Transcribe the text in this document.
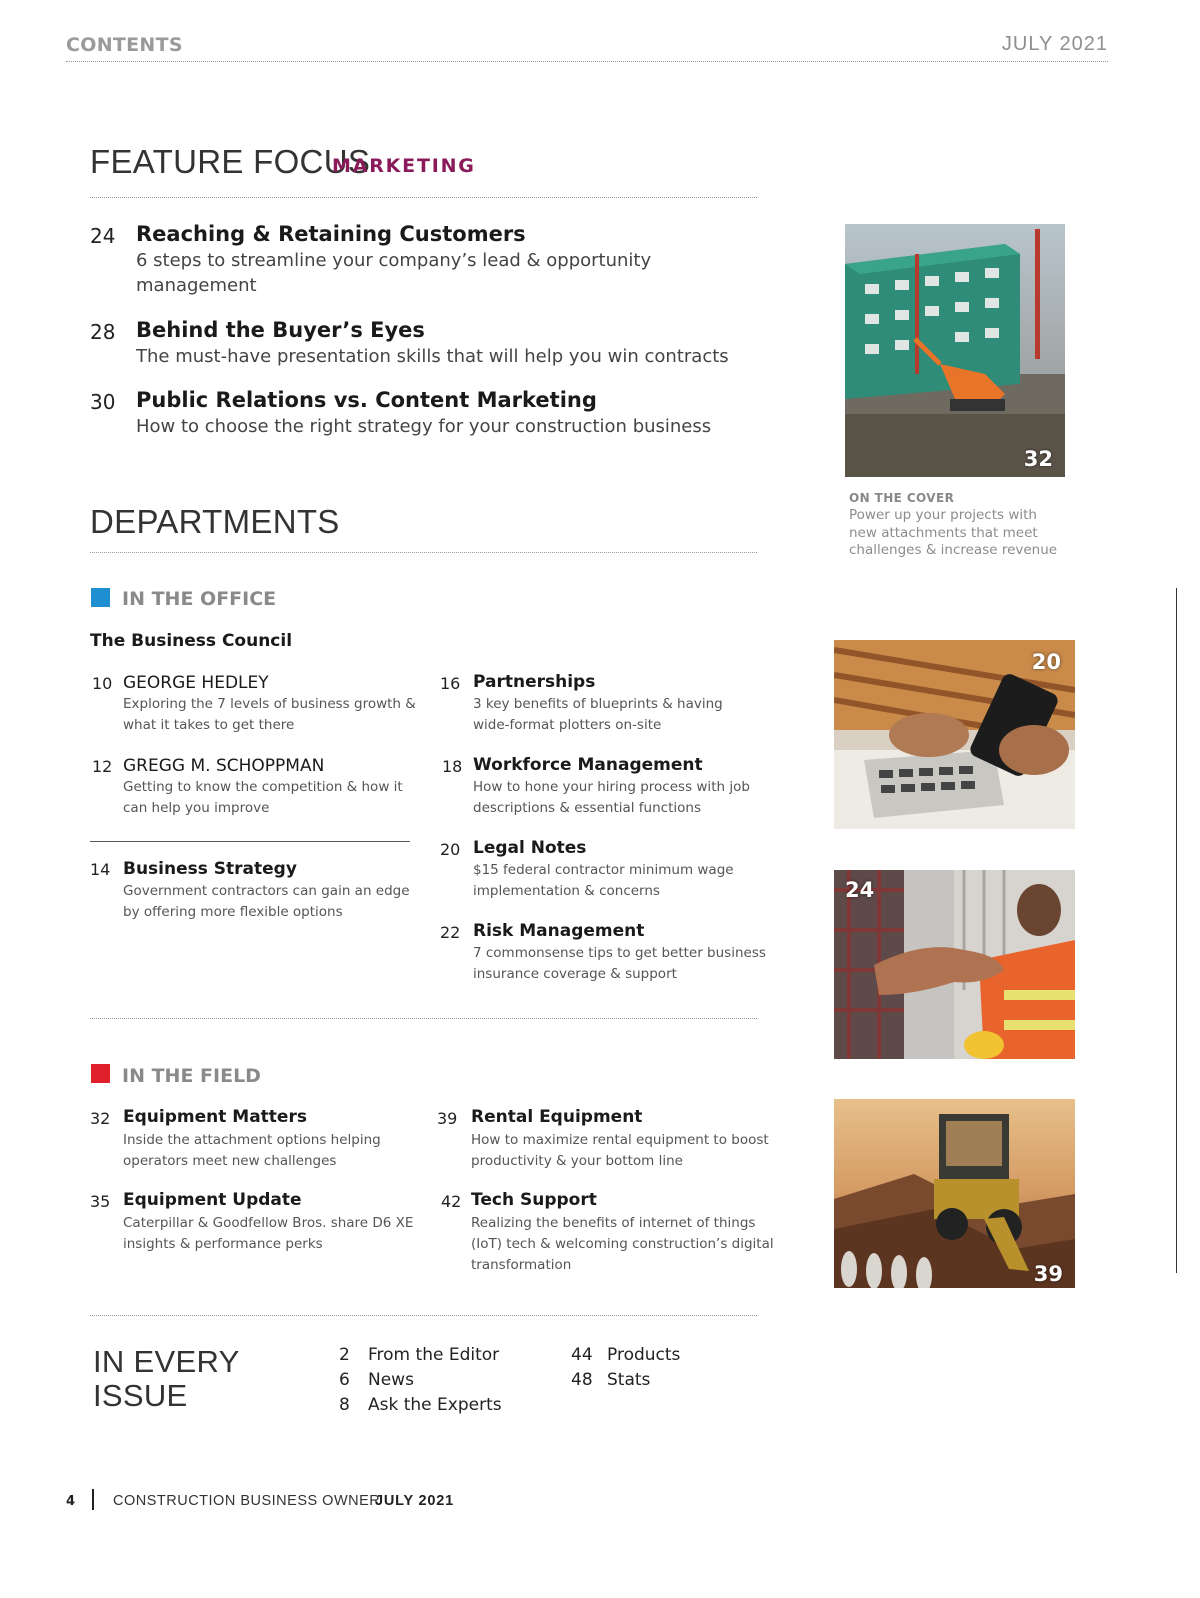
CONTENTS	JULY 2021
FEATURE FOCUS
MARKETING
24 Reaching & Retaining Customers
6 steps to streamline your company’s lead & opportunity
management
28 Behind the Buyer’s Eyes
The must-have presentation skills that will help you win contracts
30 Public Relations vs. Content Marketing
How to choose the right strategy for your construction business
32
ON THE COVER
Power up your projects with
new attachments that meet
challenges & increase revenue
DEPARTMENTS
IN THE OFFICE
The Business Council
10 GEORGE HEDLEY
Exploring the 7 levels of business growth &
what it takes to get there
12 GREGG M. SCHOPPMAN
Getting to know the competition & how it
can help you improve
14 Business Strategy
Government contractors can gain an edge
by offering more flexible options
16 Partnerships
3 key benefits of blueprints & having
wide-format plotters on-site
18 Workforce Management
How to hone your hiring process with job
descriptions & essential functions
20 Legal Notes
$15 federal contractor minimum wage
implementation & concerns
22 Risk Management
7 commonsense tips to get better business
insurance coverage & support
IN THE FIELD
32 Equipment Matters
Inside the attachment options helping
operators meet new challenges
35 Equipment Update
Caterpillar & Goodfellow Bros. share D6 XE
insights & performance perks
39 Rental Equipment
How to maximize rental equipment to boost
productivity & your bottom line
42 Tech Support
Realizing the benefits of internet of things
(IoT) tech & welcoming construction’s digital
transformation
IN EVERY
ISSUE
2 From the Editor
6 News
8 Ask the Experts
44 Products
48 Stats
20
24
39
4	CONSTRUCTION BUSINESS OWNER
JULY 2021
